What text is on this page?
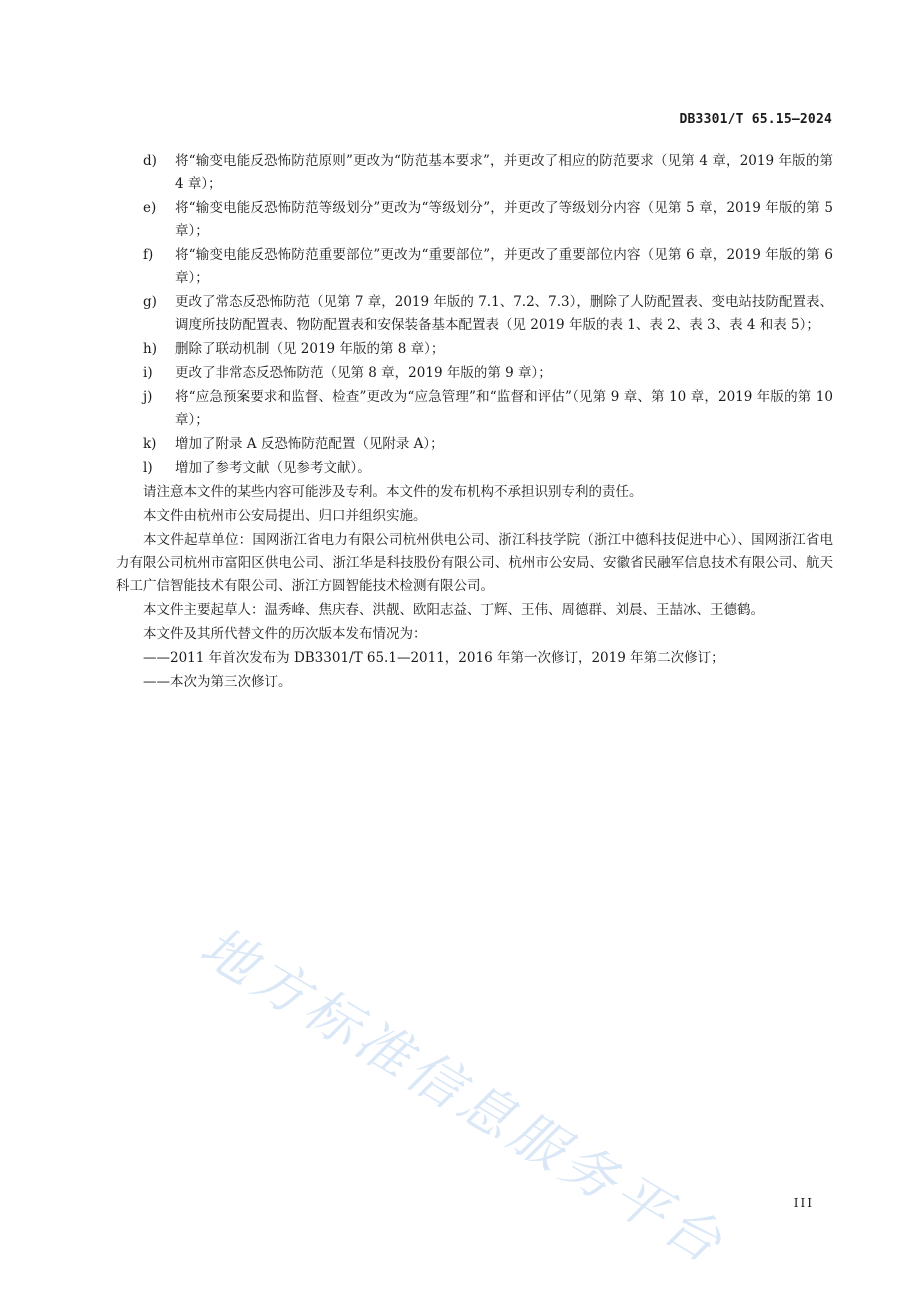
DB3301/T 65.15—2024
d)	将“输变电能反恐怖防范原则”更改为“防范基本要求”，并更改了相应的防范要求（见第 4 章，2019 年版的第 4 章）；
e)	将“输变电能反恐怖防范等级划分”更改为“等级划分”，并更改了等级划分内容（见第 5 章，2019 年版的第 5 章）；
f)	将“输变电能反恐怖防范重要部位”更改为“重要部位”，并更改了重要部位内容（见第 6 章，2019 年版的第 6 章）；
g)	更改了常态反恐怖防范（见第 7 章，2019 年版的 7.1、7.2、7.3），删除了人防配置表、变电站技防配置表、调度所技防配置表、物防配置表和安保装备基本配置表（见 2019 年版的表 1、表 2、表 3、表 4 和表 5）；
h)	删除了联动机制（见 2019 年版的第 8 章）；
i)	更改了非常态反恐怖防范（见第 8 章，2019 年版的第 9 章）；
j)	将“应急预案要求和监督、检查”更改为“应急管理”和“监督和评估”（见第 9 章、第 10 章，2019 年版的第 10 章）；
k)	增加了附录 A 反恐怖防范配置（见附录 A）；
l)	增加了参考文献（见参考文献）。

请注意本文件的某些内容可能涉及专利。本文件的发布机构不承担识别专利的责任。

本文件由杭州市公安局提出、归口并组织实施。

本文件起草单位：国网浙江省电力有限公司杭州供电公司、浙江科技学院（浙江中德科技促进中心）、国网浙江省电力有限公司杭州市富阳区供电公司、浙江华是科技股份有限公司、杭州市公安局、安徽省民融军信息技术有限公司、航天科工广信智能技术有限公司、浙江方圆智能技术检测有限公司。

本文件主要起草人：温秀峰、焦庆春、洪靓、欧阳志益、丁辉、王伟、周德群、刘晨、王喆冰、王德鹤。

本文件及其所代替文件的历次版本发布情况为：

——2011 年首次发布为 DB3301/T 65.1—2011，2016 年第一次修订，2019 年第二次修订；

——本次为第三次修订。

地方标准信息服务平台	III
